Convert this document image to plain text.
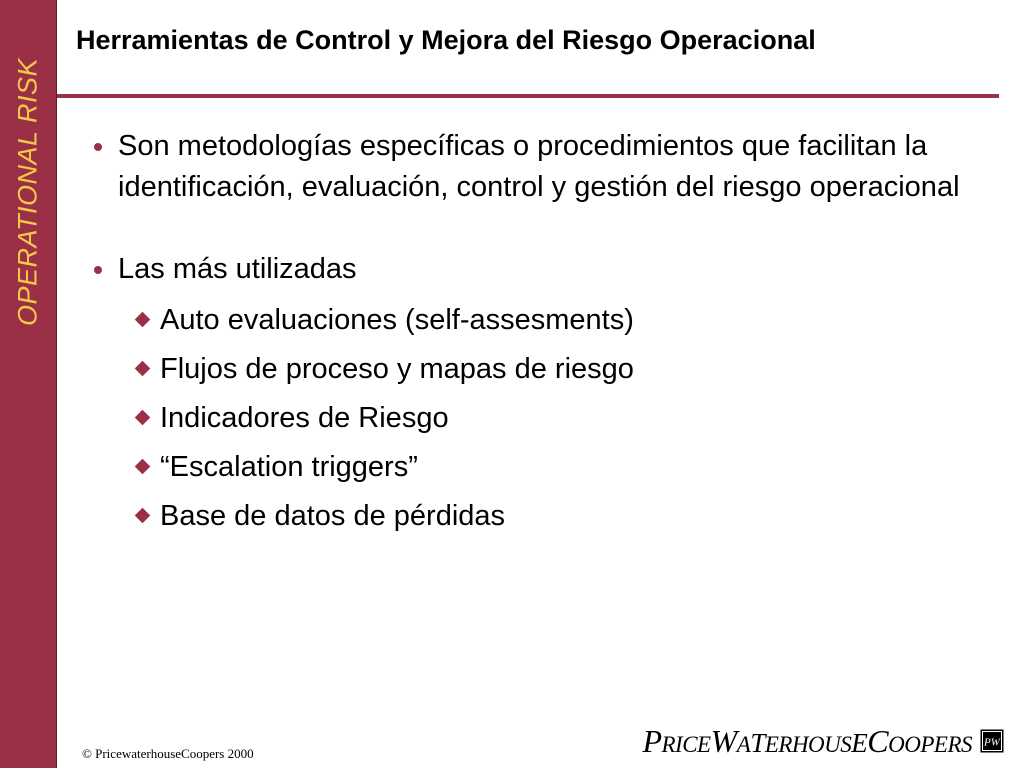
OPERATIONAL RISK
Herramientas de Control y Mejora del Riesgo Operacional
Son metodologías específicas o procedimientos que facilitan la identificación, evaluación, control y gestión del riesgo operacional
Las más utilizadas
Auto evaluaciones (self-assesments)
Flujos de proceso y mapas de riesgo
Indicadores de Riesgo
“Escalation triggers”
Base de datos de pérdidas
© PricewaterhouseCoopers 2000	PRICEWATERHOUSECOOPERS PW
